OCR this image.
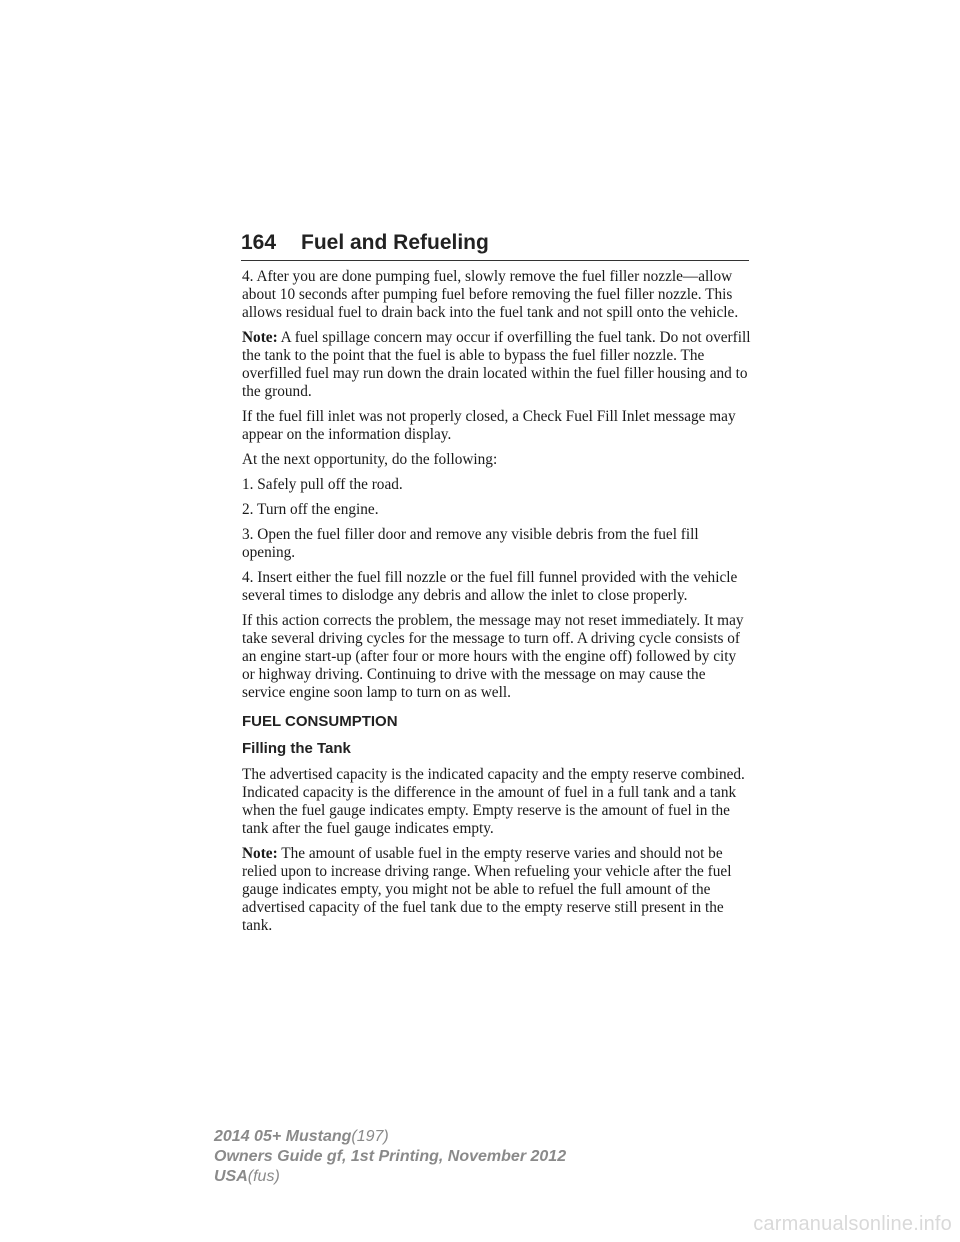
164 Fuel and Refueling

4. After you are done pumping fuel, slowly remove the fuel filler nozzle—allow about 10 seconds after pumping fuel before removing the fuel filler nozzle. This allows residual fuel to drain back into the fuel tank and not spill onto the vehicle.

Note: A fuel spillage concern may occur if overfilling the fuel tank. Do not overfill the tank to the point that the fuel is able to bypass the fuel filler nozzle. The overfilled fuel may run down the drain located within the fuel filler housing and to the ground.

If the fuel fill inlet was not properly closed, a Check Fuel Fill Inlet message may appear on the information display.

At the next opportunity, do the following:

1. Safely pull off the road.

2. Turn off the engine.

3. Open the fuel filler door and remove any visible debris from the fuel fill opening.

4. Insert either the fuel fill nozzle or the fuel fill funnel provided with the vehicle several times to dislodge any debris and allow the inlet to close properly.

If this action corrects the problem, the message may not reset immediately. It may take several driving cycles for the message to turn off. A driving cycle consists of an engine start-up (after four or more hours with the engine off) followed by city or highway driving. Continuing to drive with the message on may cause the service engine soon lamp to turn on as well.

FUEL CONSUMPTION
Filling the Tank

The advertised capacity is the indicated capacity and the empty reserve combined. Indicated capacity is the difference in the amount of fuel in a full tank and a tank when the fuel gauge indicates empty. Empty reserve is the amount of fuel in the tank after the fuel gauge indicates empty.

Note: The amount of usable fuel in the empty reserve varies and should not be relied upon to increase driving range. When refueling your vehicle after the fuel gauge indicates empty, you might not be able to refuel the full amount of the advertised capacity of the fuel tank due to the empty reserve still present in the tank.

2014 05+ Mustang(197)
Owners Guide gf, 1st Printing, November 2012
USA(fus)
carmanualsonline.info
